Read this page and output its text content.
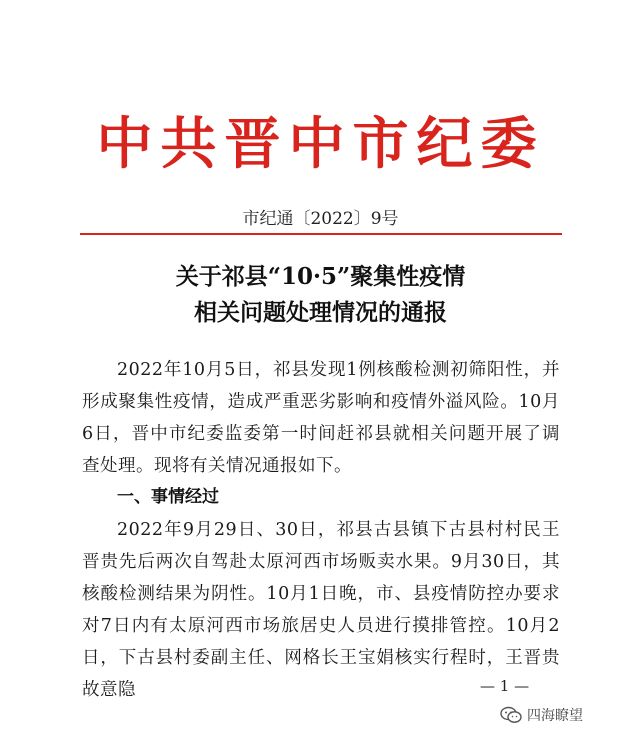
中共晋中市纪委
市纪通〔2022〕9号
关于祁县“10·5”聚集性疫情
相关问题处理情况的通报
2022年10月5日，祁县发现1例核酸检测初筛阳性，并形成聚集性疫情，造成严重恶劣影响和疫情外溢风险。10月6日，晋中市纪委监委第一时间赶祁县就相关问题开展了调查处理。现将有关情况通报如下。
一、事情经过
2022年9月29日、30日，祁县古县镇下古县村村民王晋贵先后两次自驾赴太原河西市场贩卖水果。9月30日，其核酸检测结果为阴性。10月1日晚，市、县疫情防控办要求对7日内有太原河西市场旅居史人员进行摸排管控。10月2日，下古县村委副主任、网格长王宝娟核实行程时，王晋贵故意隐	— 1 —
四海瞭望
